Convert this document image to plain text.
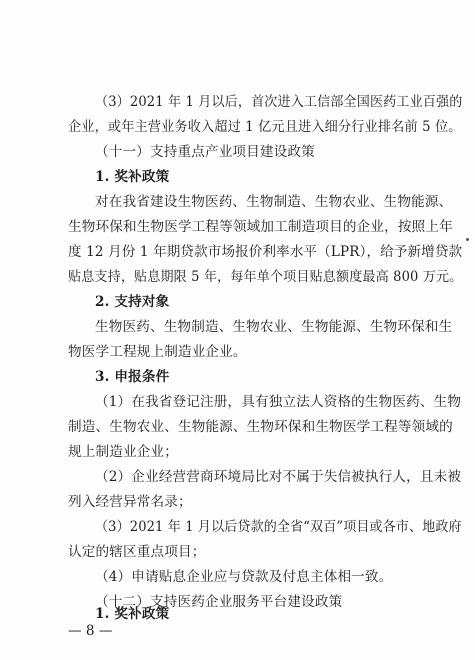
（3）2021 年 1 月以后，首次进入工信部全国医药工业百强的
企业，或年主营业务收入超过 1 亿元且进入细分行业排名前 5 位。
（十一）支持重点产业项目建设政策
1. 奖补政策
对在我省建设生物医药、生物制造、生物农业、生物能源、
生物环保和生物医学工程等领域加工制造项目的企业，按照上年
度 12 月份 1 年期贷款市场报价利率水平（LPR），给予新增贷款
贴息支持，贴息期限 5 年，每年单个项目贴息额度最高 800 万元。
2. 支持对象
生物医药、生物制造、生物农业、生物能源、生物环保和生
物医学工程规上制造业企业。
3. 申报条件
（1）在我省登记注册，具有独立法人资格的生物医药、生物
制造、生物农业、生物能源、生物环保和生物医学工程等领域的
规上制造业企业；
（2）企业经营营商环境局比对不属于失信被执行人，且未被
列入经营异常名录；
（3）2021 年 1 月以后贷款的全省“双百”项目或各市、地政府
认定的辖区重点项目；
（4）申请贴息企业应与贷款及付息主体相一致。
（十二）支持医药企业服务平台建设政策
1. 奖补政策
— 8 —
